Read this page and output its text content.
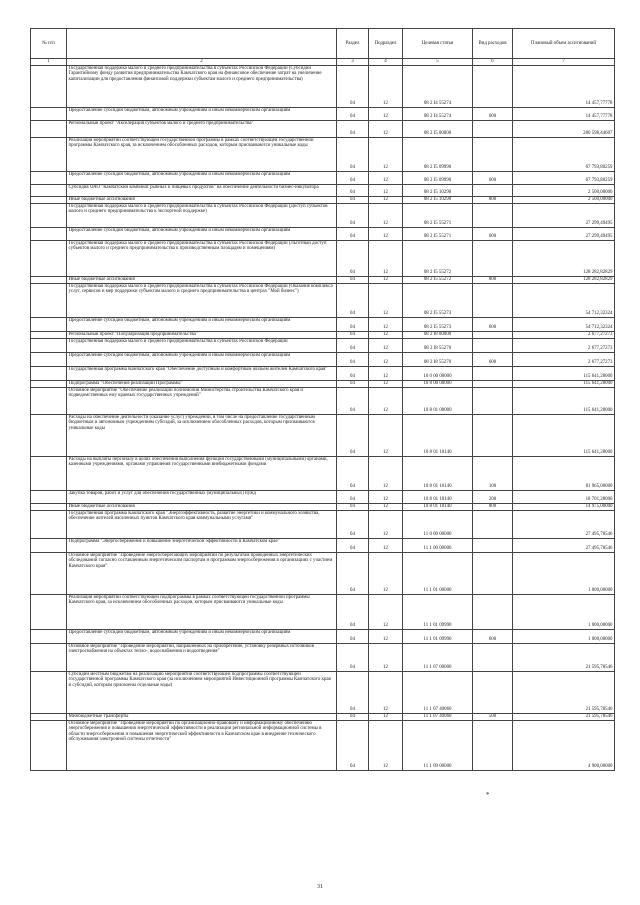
№ п/п		Раздел	Подраздел	Целевая статья	Вид расходов	Плановый объем ассигнований
1	2	3	4	5	6	7
	Государственная поддержка малого и среднего предпринимательства в субъектах Российской Федерации (Субсидии Гарантийному фонду развития предпринимательства Камчатского края на финансовое обеспечение затрат на увеличение капитализации для предоставления финансовой поддержки субъектам малого и среднего предпринимательства)	04	12	08 2 I4 55274		14 457,77778
	Предоставление субсидий бюджетным, автономным учреждениям и иным некоммерческим организациям	04	12	08 2 I4 55274	600	14 457,77778
	Региональный проект "Акселерация субъектов малого и среднего предпринимательства"	04	12	08 2 I5 00000		280 598,44607
	Реализация мероприятий соответствующей государственной программы в рамках соответствующей государственной программы Камчатского края, за исключением обособленных расходов, которым присваиваются уникальные коды	04	12	08 2 I5 09990		67 793,80259
	Предоставление субсидий бюджетным, автономным учреждениям и иным некоммерческим организациям	04	12	08 2 I5 09990	600	67 793,80259
	Субсидия ОАО "Камчатский комбинат рыбных и пищевых продуктов" на обеспечение деятельности бизнес-инкубатора	04	12	08 2 I5 10290		2 500,00000
	Иные бюджетные ассигнования	04	12	08 2 I5 10290	800	2 500,00000
	Государственная поддержка малого и среднего предпринимательства в субъектах Российской Федерации (Доступ субъектов малого и среднего предпринимательства к экспортной поддержке)	04	12	08 2 I5 55271		27 299,49495
	Предоставление субсидий бюджетным, автономным учреждениям и иным некоммерческим организациям	04	12	08 2 I5 55271	600	27 299,49495
	Государственная поддержка малого и среднего предпринимательства в субъектах Российской Федерации (Льготный доступ субъектов малого и среднего предпринимательства к производственным площадям и помещениям)	04	12	08 2 I5 55272		128 282,82829
	Иные бюджетные ассигнования	04	12	08 2 I5 55272	800	128 282,82829
	Государственная поддержка малого и среднего предпринимательства в субъектах Российской Федерации (Оказание комплекса услуг, сервисов и мер поддержки субъектам малого и среднего предпринимательства в центрах "Мой бизнес")	04	12	08 2 I5 55273		54 712,32324
	Предоставление субсидий бюджетным, автономным учреждениям и иным некоммерческим организациям	04	12	08 2 I5 55273	600	54 712,32324
	Региональный проект "Популяризация предпринимательства"	04	12	08 2 I8 00000		2 677,27273
	Государственная поддержка малого и среднего предпринимательства в субъектах Российской Федерации	04	12	08 2 I8 55270		2 677,27273
	Предоставление субсидий бюджетным, автономным учреждениям и иным некоммерческим организациям	04	12	08 2 I8 55270	600	2 677,27273
	Государственная программа Камчатского края "Обеспечение доступным и комфортным жильем жителей Камчатского края"	04	12	10 0 00 00000		115 641,28000
	Подпрограмма "Обеспечение реализации Программы"	04	12	10 8 00 00000		115 641,28000
	Основное мероприятие "Обеспечение реализации полномочий Министерства строительства Камчатского края и подведомственных ему краевых государственных учреждений"	04	12	10 8 01 00000		115 641,28000
	Расходы на обеспечение деятельности (оказание услуг) учреждений, в том числе на предоставление государственным бюджетным и автономным учреждениям субсидий, за исключением обособленных расходов, которым присваиваются уникальные коды	04	12	10 8 01 10140		115 641,28000
	Расходы на выплаты персоналу в целях обеспечения выполнения функций государственными (муниципальными) органами, казенными учреждениями, органами управления государственными внебюджетными фондами	04	12	10 8 01 10140	100	81 965,00000
	Закупка товаров, работ и услуг для обеспечения государственных (муниципальных) нужд	04	12	10 8 01 10140	200	18 701,28000
	Иные бюджетные ассигнования	04	12	10 8 01 10140	800	14 975,00000
	Государственная программа Камчатского края "Энергоэффективность, развитие энергетики и коммунального хозяйства, обеспечение жителей населенных пунктов Камчатского края коммунальными услугами"	04	12	11 0 00 00000		27 495,78546
	Подпрограмма "Энергосбережение и повышение энергетической эффективности в Камчатском крае"	04	12	11 1 00 00000		27 495,78546
	Основное мероприятие "Проведение энергосберегающих мероприятий по результатам проведенных энергетических обследований согласно составленным энергетическим паспортам и программам энергосбережения в организациях с участием Камчатского края"	04	12	11 1 01 00000		1 000,00000
	Реализация мероприятий соответствующей подпрограммы в рамках соответствующей государственной программы Камчатского края, за исключением обособленных расходов, которым присваиваются уникальные коды	04	12	11 1 01 09990		1 000,00000
	Предоставление субсидий бюджетным, автономным учреждениям и иным некоммерческим организациям	04	12	11 1 01 09990	600	1 000,00000
	Основное мероприятие "Проведение мероприятий, направленных на приобретение, установку резервных источников электроснабжения на объектах тепло-, водоснабжения и водоотведения"	04	12	11 1 07 00000		21 595,78546
	Субсидии местным бюджетам на реализацию мероприятий соответствующей подпрограммы соответствующей государственной программы Камчатского края (за исключением мероприятий Инвестиционной программы Камчатского края и субсидий, которым присвоены отдельные коды)	04	12	11 1 07 40060		21 595,78546
	Межбюджетные трансферты	04	12	11 1 07 40060	500	21 595,78546
	Основное мероприятие "Проведение мероприятий по организационно-правовому и информационному обеспечению энергосбережения и повышения энергетической эффективности в реализации региональной информационной системы в области энергосбережения и повышения энергетической эффективности в Камчатском крае в внедрение технического обслуживания электронной системы отчетности"	04	12	11 1 09 00000		4 900,00000
*
31
